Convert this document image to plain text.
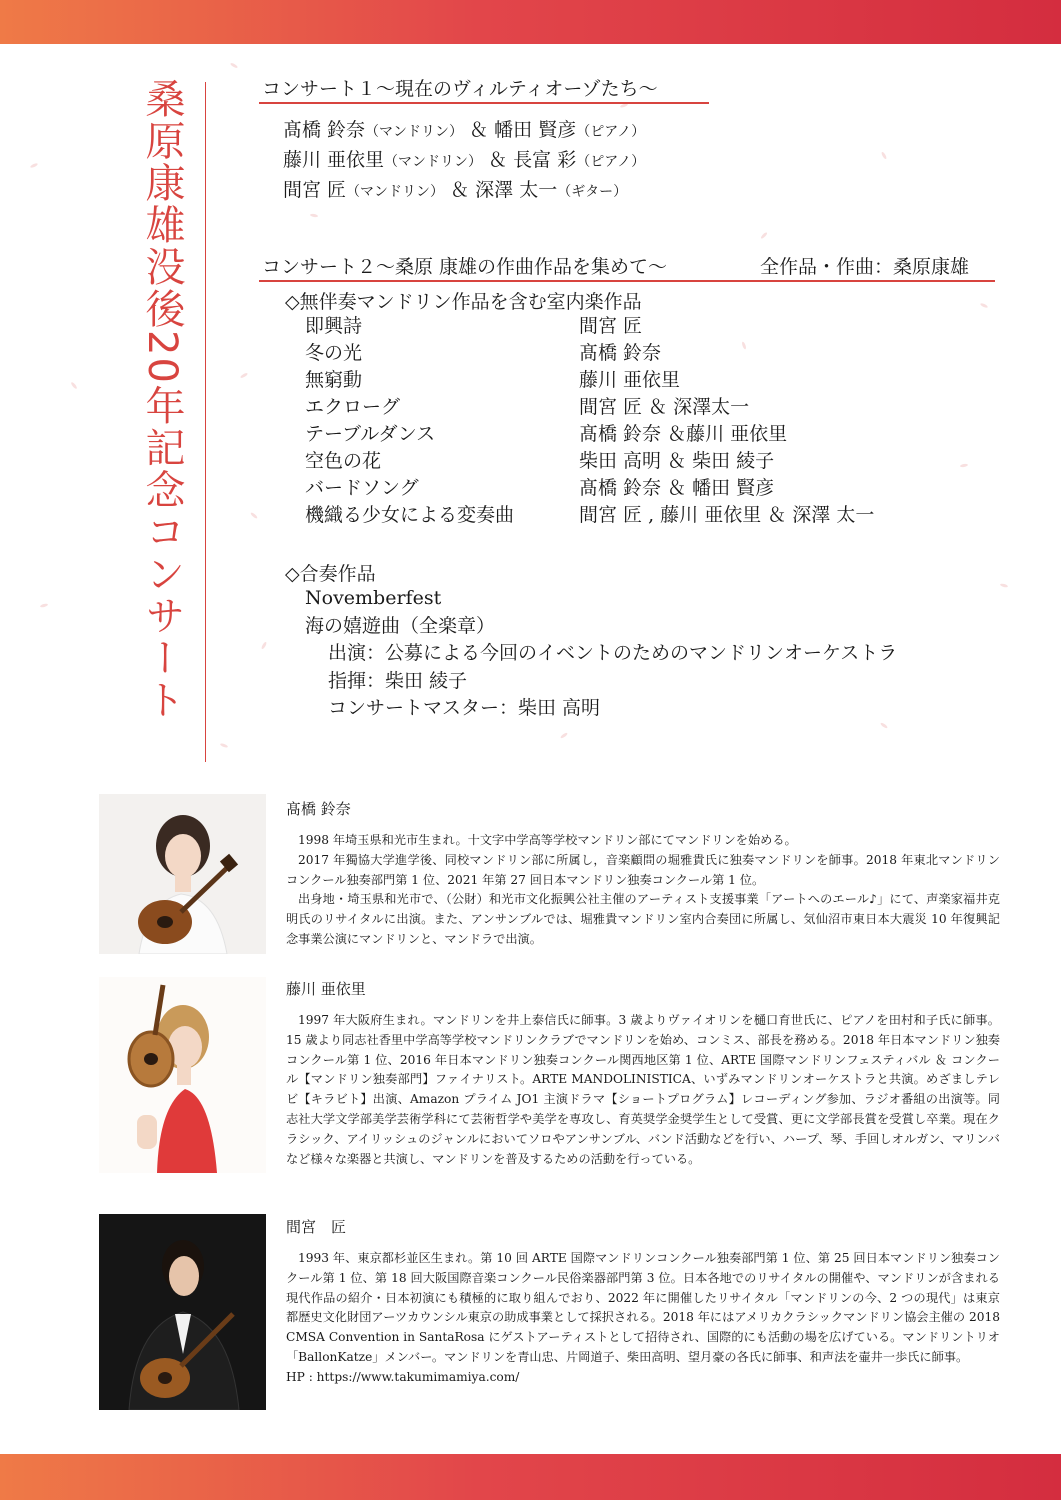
桑原康雄没後20年記念コンサート	コンサート１～現在のヴィルティオーゾたち～
髙橋 鈴奈（マンドリン） ＆ 幡田 賢彦（ピアノ）
藤川 亜依里（マンドリン） ＆ 長富 彩（ピアノ）
間宮 匠（マンドリン） ＆ 深澤 太一（ギター）
コンサート２～桑原 康雄の作曲作品を集めて～	全作品・作曲：桑原康雄
◇無伴奏マンドリン作品を含む室内楽作品
即興詩	間宮 匠
冬の光	髙橋 鈴奈
無窮動	藤川 亜依里
エクローグ	間宮 匠 ＆ 深澤太一
テーブルダンス	髙橋 鈴奈 ＆藤川 亜依里
空色の花	柴田 高明 ＆ 柴田 綾子
バードソング	髙橋 鈴奈 ＆ 幡田 賢彦
機織る少女による変奏曲	間宮 匠 , 藤川 亜依里 ＆ 深澤 太一
◇合奏作品
Novemberfest
海の嬉遊曲（全楽章）
出演：公募による今回のイベントのためのマンドリンオーケストラ
指揮：柴田 綾子
コンサートマスター：柴田 高明
髙橋 鈴奈

1998 年埼玉県和光市生まれ。十文字中学高等学校マンドリン部にてマンドリンを始める。

2017 年獨協大学進学後、同校マンドリン部に所属し，音楽顧問の堀雅貴氏に独奏マンドリンを師事。2018 年東北マンドリンコンクール独奏部門第 1 位、2021 年第 27 回日本マンドリン独奏コンクール第 1 位。

出身地・埼玉県和光市で、（公財）和光市文化振興公社主催のアーティスト支援事業「アートへのエール♪」にて、声楽家福井克明氏のリサイタルに出演。また、アンサンブルでは、堀雅貴マンドリン室内合奏団に所属し、気仙沼市東日本大震災 10 年復興記念事業公演にマンドリンと、マンドラで出演。

藤川 亜依里

1997 年大阪府生まれ。マンドリンを井上泰信氏に師事。3 歳よりヴァイオリンを樋口育世氏に、ピアノを田村和子氏に師事。15 歳より同志社香里中学高等学校マンドリンクラブでマンドリンを始め、コンミス、部長を務める。2018 年日本マンドリン独奏コンクール第 1 位、2016 年日本マンドリン独奏コンクール関西地区第 1 位、ARTE 国際マンドリンフェスティバル ＆ コンクール【マンドリン独奏部門】ファイナリスト。ARTE MANDOLINISTICA、いずみマンドリンオーケストラと共演。めざましテレビ【キラビト】出演、Amazon プライム JO1 主演ドラマ【ショートプログラム】レコーディング参加、ラジオ番組の出演等。同志社大学文学部美学芸術学科にて芸術哲学や美学を専攻し、育英奨学金奨学生として受賞、更に文学部長賞を受賞し卒業。現在クラシック、アイリッシュのジャンルにおいてソロやアンサンブル、バンド活動などを行い、ハープ、琴、手回しオルガン、マリンバなど様々な楽器と共演し、マンドリンを普及するための活動を行っている。

間宮　匠

1993 年、東京都杉並区生まれ。第 10 回 ARTE 国際マンドリンコンクール独奏部門第 1 位、第 25 回日本マンドリン独奏コンクール第 1 位、第 18 回大阪国際音楽コンクール民俗楽器部門第 3 位。日本各地でのリサイタルの開催や、マンドリンが含まれる現代作品の紹介・日本初演にも積極的に取り組んでおり、2022 年に開催したリサイタル「マンドリンの今、2 つの現代」は東京都歴史文化財団アーツカウンシル東京の助成事業として採択される。2018 年にはアメリカクラシックマンドリン協会主催の 2018 CMSA Convention in SantaRosa にゲストアーティストとして招待され、国際的にも活動の場を広げている。マンドリントリオ「BallonKatze」メンバー。マンドリンを青山忠、片岡道子、柴田高明、望月豪の各氏に師事、和声法を壷井一歩氏に師事。

HP : https://www.takumimamiya.com/
